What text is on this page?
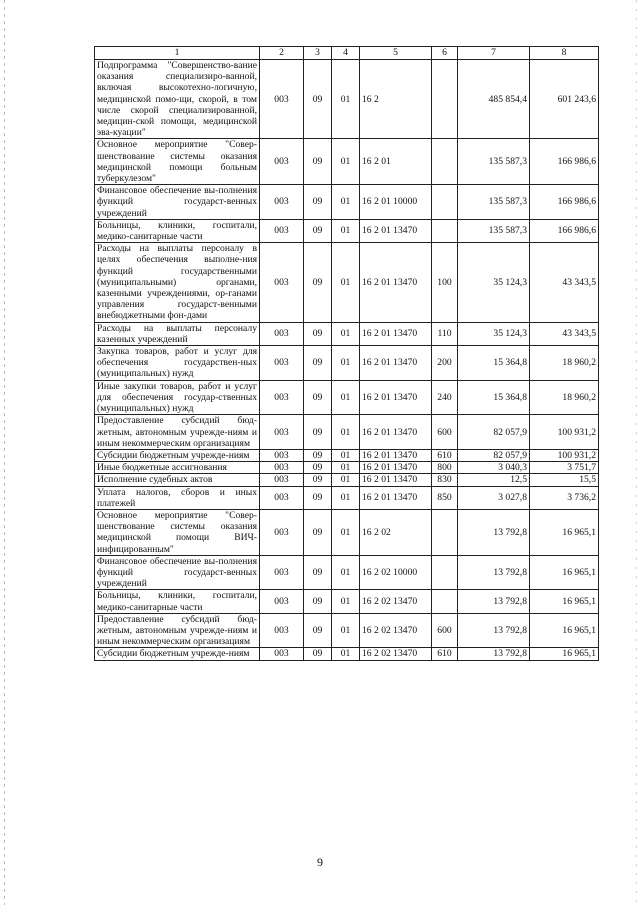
1	2	3	4	5	6	7	8
Подпрограмма "Совершенство-вание оказания специализиро-ванной, включая высокотехно-логичную, медицинской помо-щи, скорой, в том числе скорой специализированной, медицин-ской помощи, медицинской эва-куации"	003	09	01	16 2		485 854,4	601 243,6
Основное мероприятие "Совер-шенствование системы оказания медицинской помощи больным туберкулезом"	003	09	01	16 2 01		135 587,3	166 986,6
Финансовое обеспечение вы-полнения функций государст-венных учреждений	003	09	01	16 2 01 10000		135 587,3	166 986,6
Больницы, клиники, госпитали, медико-санитарные части	003	09	01	16 2 01 13470		135 587,3	166 986,6
Расходы на выплаты персоналу в целях обеспечения выполне-ния функций государственными (муниципальными) органами, казенными учреждениями, ор-ганами управления государст-венными внебюджетными фон-дами	003	09	01	16 2 01 13470	100	35 124,3	43 343,5
Расходы на выплаты персоналу казенных учреждений	003	09	01	16 2 01 13470	110	35 124,3	43 343,5
Закупка товаров, работ и услуг для обеспечения государствен-ных (муниципальных) нужд	003	09	01	16 2 01 13470	200	15 364,8	18 960,2
Иные закупки товаров, работ и услуг для обеспечения государ-ственных (муниципальных) нужд	003	09	01	16 2 01 13470	240	15 364,8	18 960,2
Предоставление субсидий бюд-жетным, автономным учрежде-ниям и иным некоммерческим организациям	003	09	01	16 2 01 13470	600	82 057,9	100 931,2
Субсидии бюджетным учрежде-ниям	003	09	01	16 2 01 13470	610	82 057,9	100 931,2
Иные бюджетные ассигнования	003	09	01	16 2 01 13470	800	3 040,3	3 751,7
Исполнение судебных актов	003	09	01	16 2 01 13470	830	12,5	15,5
Уплата налогов, сборов и иных платежей	003	09	01	16 2 01 13470	850	3 027,8	3 736,2
Основное мероприятие "Совер-шенствование системы оказания медицинской помощи ВИЧ-инфицированным"	003	09	01	16 2 02		13 792,8	16 965,1
Финансовое обеспечение вы-полнения функций государст-венных учреждений	003	09	01	16 2 02 10000		13 792,8	16 965,1
Больницы, клиники, госпитали, медико-санитарные части	003	09	01	16 2 02 13470		13 792,8	16 965,1
Предоставление субсидий бюд-жетным, автономным учрежде-ниям и иным некоммерческим организациям	003	09	01	16 2 02 13470	600	13 792,8	16 965,1
Субсидии бюджетным учрежде-ниям	003	09	01	16 2 02 13470	610	13 792,8	16 965,1
9
